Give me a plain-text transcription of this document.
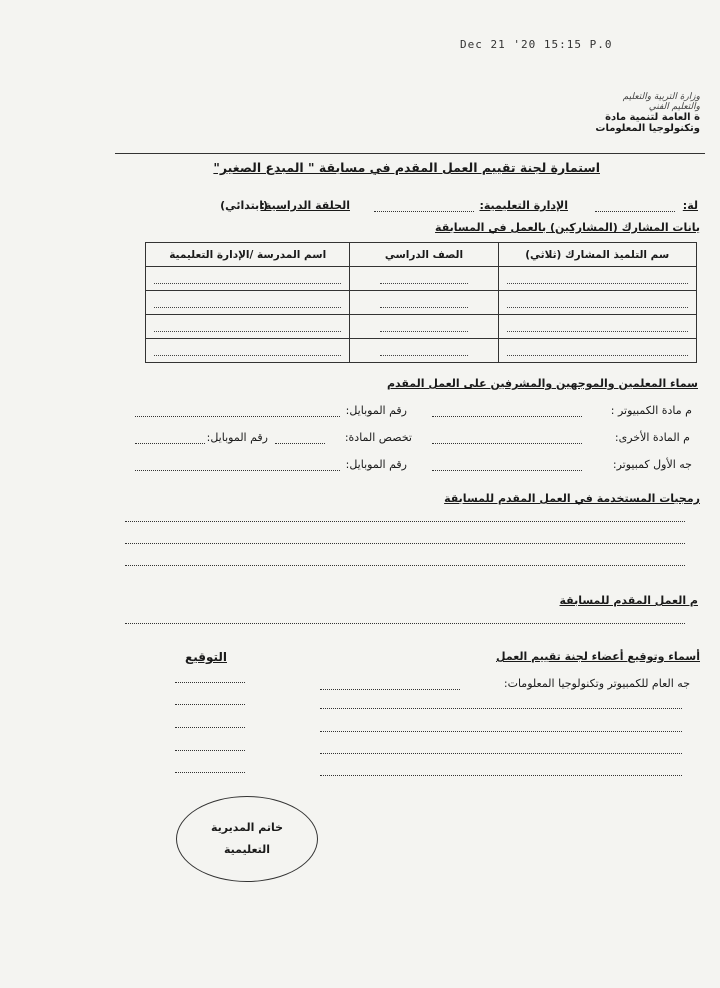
Dec 21 '20 15:15 P.0
وزارة التربية والتعليم
والتعليم الفني
ة العامة لتنمية مادة
وتكنولوجيا المعلومات
استمارة لجنة تقييم العمل المقدم في مسابقة " المبدع الصغير"
لة:
الإدارة التعليمية:
الحلقة الدراسية:
(ابتدائي)
يانات المشارك (المشاركين) بالعمل في المسابقة
اسم المدرسة /الإدارة التعليمية	الصف الدراسي	سم التلميذ المشارك (ثلاثي)

سماء المعلمين والموجهين والمشرفين على العمل المقدم
م مادة الكمبيوتر :
رقم الموبايل:
م المادة الأخرى:
تخصص المادة:
رقم الموبايل:
جه الأول كمبيوتر:
رقم الموبايل:
رمجيات المستخدمة في العمل المقدم للمسابقة
م العمل المقدم للمسابقة
أسماء وتوقيع أعضاء لجنة تقييم العمل
التوقيع
جه العام للكمبيوتر وتكنولوجيا المعلومات:
خاتم المديرية
التعليمية
